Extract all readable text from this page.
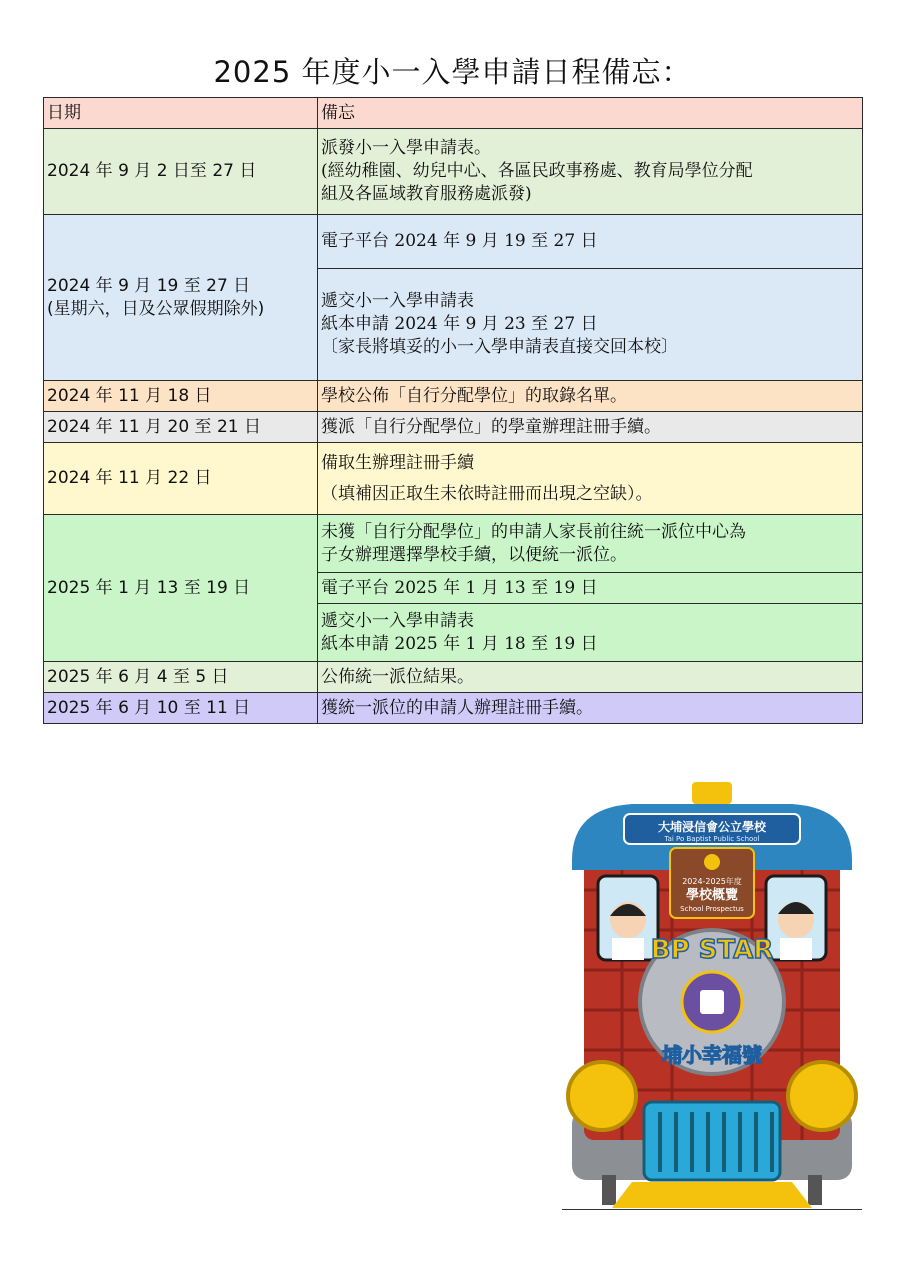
2025 年度小一入學申請日程備忘：
日期	備忘
2024 年 9 月 2 日至 27 日	派發小一入學申請表。
(經幼稚園、幼兒中心、各區民政事務處、教育局學位分配
組及各區域教育服務處派發)

2024 年 9 月 19 至 27 日
(星期六，日及公眾假期除外)	電子平台 2024 年 9 月 19 至 27 日

	遞交小一入學申請表
紙本申請 2024 年 9 月 23 至 27 日
〔家長將填妥的小一入學申請表直接交回本校〕

2024 年 11 月 18 日	學校公佈「自行分配學位」的取錄名單。
2024 年 11 月 20 至 21 日	獲派「自行分配學位」的學童辦理註冊手續。
2024 年 11 月 22 日	備取生辦理註冊手續
（填補因正取生未依時註冊而出現之空缺）。

2025 年 1 月 13 至 19 日	未獲「自行分配學位」的申請人家長前往統一派位中心為
子女辦理選擇學校手續，以便統一派位。

	電子平台 2025 年 1 月 13 至 19 日

	遞交小一入學申請表
紙本申請 2025 年 1 月 18 至 19 日

2025 年 6 月 4 至 5 日	公佈統一派位結果。
2025 年 6 月 10 至 11 日	獲統一派位的申請人辦理註冊手續。
大埔浸信會公立學校
Tai Po Baptist Public School
2024-2025年度
學校概覽
School Prospectus
BP STAR
埔小幸福號
